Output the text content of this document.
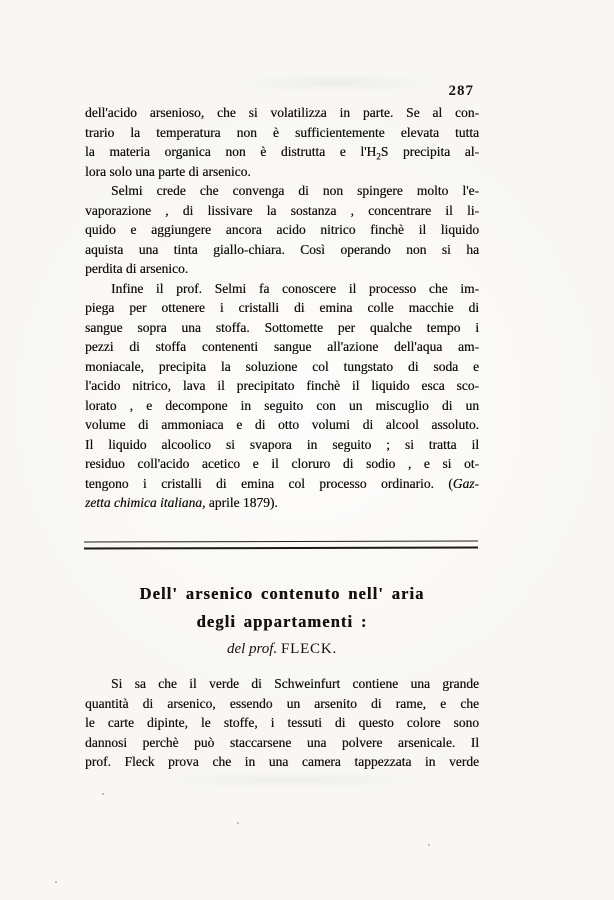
287
dell'acido arsenioso, che si volatilizza in parte. Se al con-
trario la temperatura non è sufficientemente elevata tutta
la materia organica non è distrutta e $l'H_2S$ precipita al-
lora solo una parte di arsenico.
Selmi crede che convenga di non spingere molto l'e-
vaporazione , di lissivare la sostanza , concentrare il li-
quido e aggiungere ancora acido nitrico finchè il liquido
aquista una tinta giallo-chiara. Così operando non si ha
perdita di arsenico.
Infine il prof. Selmi fa conoscere il processo che im-
piega per ottenere i cristalli di emina colle macchie di
sangue sopra una stoffa. Sottomette per qualche tempo i
pezzi di stoffa contenenti sangue all'azione dell'aqua am-
moniacale, precipita la soluzione col tungstato di soda e
l'acido nitrico, lava il precipitato finchè il liquido esca sco-
lorato , e decompone in seguito con un miscuglio di un
volume di ammoniaca e di otto volumi di alcool assoluto.
Il liquido alcoolico si svapora in seguito ; si tratta il
residuo coll'acido acetico e il cloruro di sodio , e si ot-
tengono i cristalli di emina col processo ordinario. (Gaz-
zetta chimica italiana, aprile 1879).
Dell' arsenico contenuto nell' aria
degli appartamenti :
del prof. FLECK.
Si sa che il verde di Schweinfurt contiene una grande
quantità di arsenico, essendo un arsenito di rame, e che
le carte dipinte, le stoffe, i tessuti di questo colore sono
dannosi perchè può staccarsene una polvere arsenicale. Il
prof. Fleck prova che in una camera tappezzata in verde
